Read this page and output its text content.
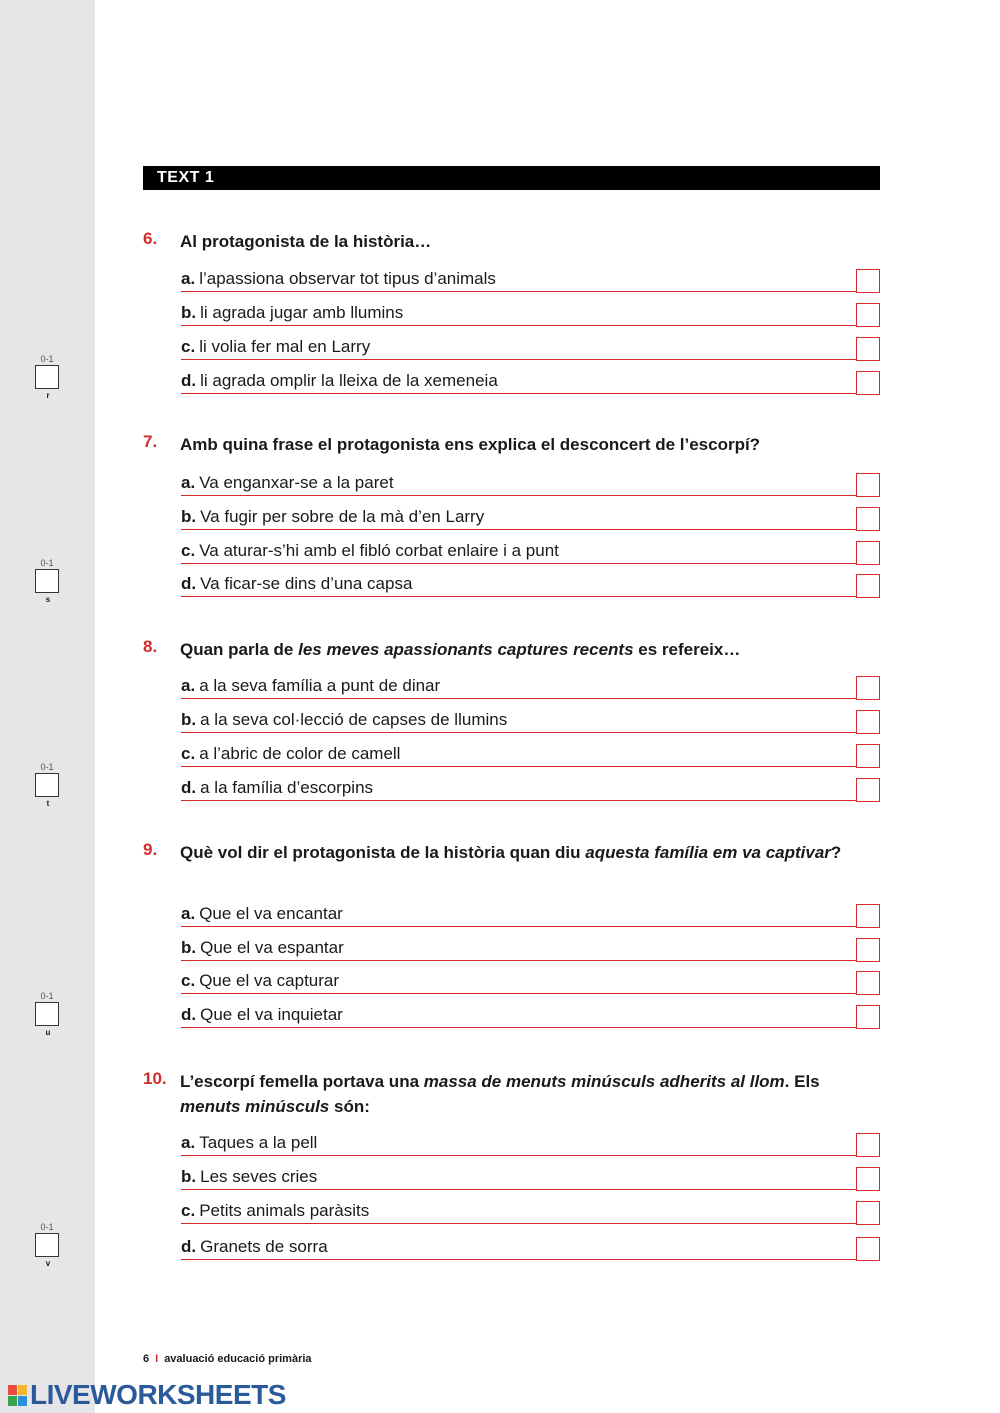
0-1
r
0-1
s
0-1
t
0-1
u
0-1
v
TEXT 1
6. Al protagonista de la història…
a. l’apassiona observar tot tipus d’animals
b. li agrada jugar amb llumins
c. li volia fer mal en Larry
d. li agrada omplir la lleixa de la xemeneia
7. Amb quina frase el protagonista ens explica el desconcert de l’escorpí?
a. Va enganxar-se a la paret
b. Va fugir per sobre de la mà d’en Larry
c. Va aturar-s’hi amb el fibló corbat enlaire i a punt
d. Va ficar-se dins d’una capsa
8. Quan parla de les meves apassionants captures recents es refereix…
a. a la seva família a punt de dinar
b. a la seva col·lecció de capses de llumins
c. a l’abric de color de camell
d. a la família d’escorpins
9. Què vol dir el protagonista de la història quan diu aquesta família em va captivar?
a. Que el va encantar
b. Que el va espantar
c. Que el va capturar
d. Que el va inquietar
10. L’escorpí femella portava una massa de menuts minúsculs adherits al llom. Els menuts minúsculs són:
a. Taques a la pell
b. Les seves cries
c. Petits animals paràsits
d. Granets de sorra
6 I avaluació educació primària
LIVEWORKSHEETS
